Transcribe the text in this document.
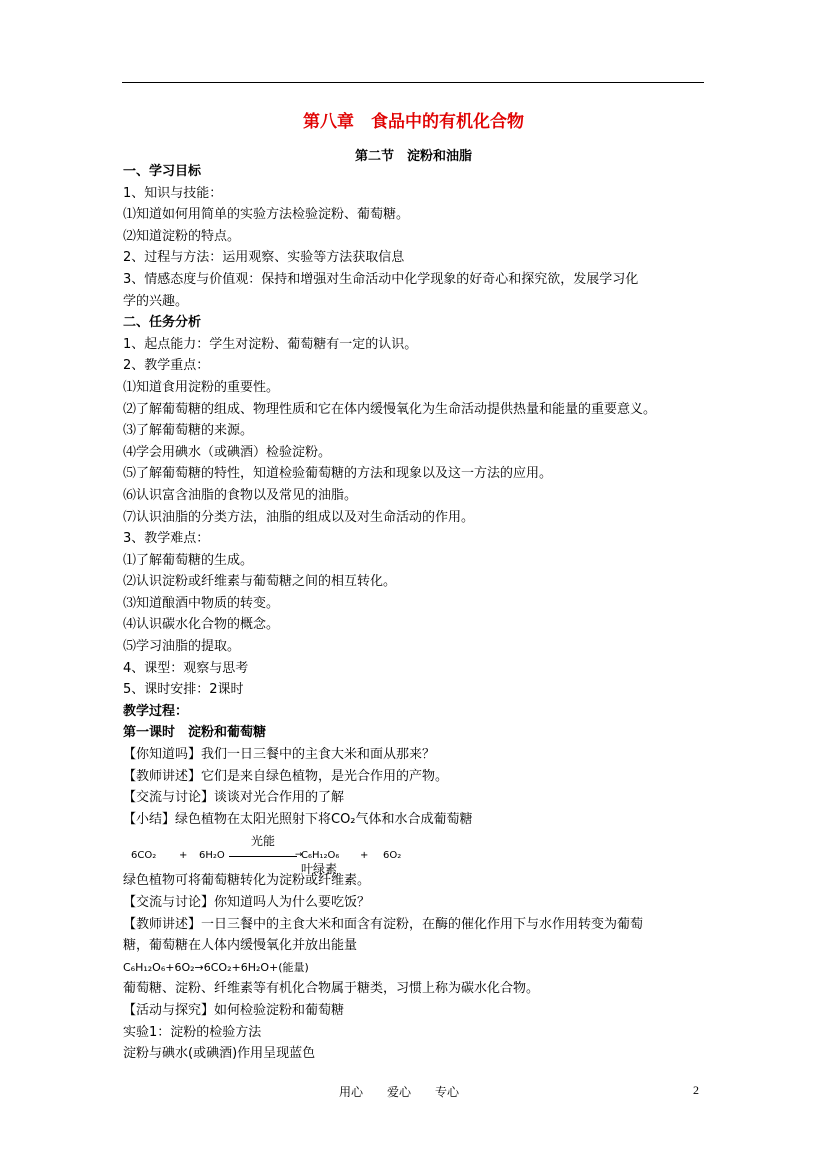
第八章　食品中的有机化合物
第二节　淀粉和油脂

一、学习目标

1、知识与技能：

⑴知道如何用简单的实验方法检验淀粉、葡萄糖。

⑵知道淀粉的特点。

2、过程与方法：运用观察、实验等方法获取信息

3、情感态度与价值观：保持和增强对生命活动中化学现象的好奇心和探究欲，发展学习化

学的兴趣。

二、任务分析

1、起点能力：学生对淀粉、葡萄糖有一定的认识。

2、教学重点：

⑴知道食用淀粉的重要性。

⑵了解葡萄糖的组成、物理性质和它在体内缓慢氧化为生命活动提供热量和能量的重要意义。

⑶了解葡萄糖的来源。

⑷学会用碘水（或碘酒）检验淀粉。

⑸了解葡萄糖的特性，知道检验葡萄糖的方法和现象以及这一方法的应用。

⑹认识富含油脂的食物以及常见的油脂。

⑺认识油脂的分类方法，油脂的组成以及对生命活动的作用。

3、教学难点：

⑴了解葡萄糖的生成。

⑵认识淀粉或纤维素与葡萄糖之间的相互转化。

⑶知道酿酒中物质的转变。

⑷认识碳水化合物的概念。

⑸学习油脂的提取。

4、课型：观察与思考

5、课时安排：2课时

教学过程：

第一课时　淀粉和葡萄糖

【你知道吗】我们一日三餐中的主食大米和面从那来？

【教师讲述】它们是来自绿色植物，是光合作用的产物。

【交流与讨论】谈谈对光合作用的了解

【小结】绿色植物在太阳光照射下将CO₂气体和水合成葡萄糖

6CO₂ + 6H₂O
光能
→
C₆H₁₂O₆
叶绿素
+ 6O₂

绿色植物可将葡萄糖转化为淀粉或纤维素。

【交流与讨论】你知道吗人为什么要吃饭？

【教师讲述】一日三餐中的主食大米和面含有淀粉，在酶的催化作用下与水作用转变为葡萄

糖，葡萄糖在人体内缓慢氧化并放出能量

C₆H₁₂O₆+6O₂→6CO₂+6H₂O+(能量)

葡萄糖、淀粉、纤维素等有机化合物属于糖类，习惯上称为碳水化合物。

【活动与探究】如何检验淀粉和葡萄糖

实验1：淀粉的检验方法

淀粉与碘水(或碘酒)作用呈现蓝色

用心　　爱心　　专心	2
